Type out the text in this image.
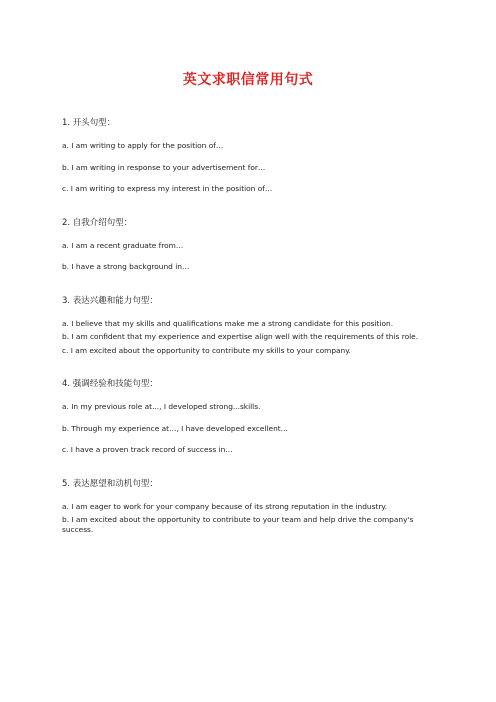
英文求职信常用句式
1. 开头句型：
a. I am writing to apply for the position of…
b. I am writing in response to your advertisement for…
c. I am writing to express my interest in the position of…
2. 自我介绍句型：
a. I am a recent graduate from…
b. I have a strong background in…
3. 表达兴趣和能力句型：
a. I believe that my skills and qualifications make me a strong candidate for this position.
b. I am confident that my experience and expertise align well with the requirements of this role.
c. I am excited about the opportunity to contribute my skills to your company.
4. 强调经验和技能句型：
a. In my previous role at..., I developed strong...skills.
b. Through my experience at…, I have developed excellent…
c. I have a proven track record of success in…
5. 表达愿望和动机句型：
a. I am eager to work for your company because of its strong reputation in the industry.
b. I am excited about the opportunity to contribute to your team and help drive the company's success.
